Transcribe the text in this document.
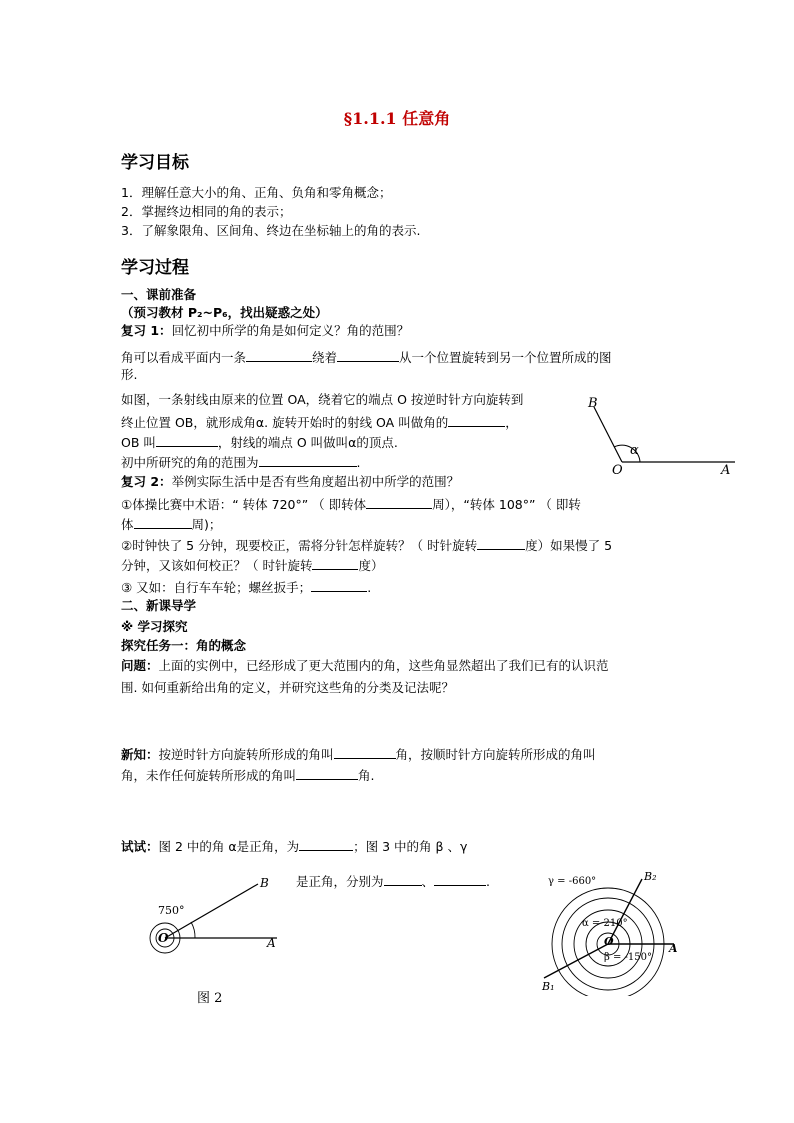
§1.1.1 任意角
学习目标
1．理解任意大小的角、正角、负角和零角概念；
2．掌握终边相同的角的表示；
3．了解象限角、区间角、终边在坐标轴上的角的表示.
学习过程
一、课前准备
（预习教材 P₂~P₆，找出疑惑之处）
复习 1：回忆初中所学的角是如何定义？角的范围？
角可以看成平面内一条	绕着	从一个位置旋转到另一个位置所成的图
形.
如图，一条射线由原来的位置 OA，绕着它的端点 O 按逆时针方向旋转到
终止位置 OB，就形成角α. 旋转开始时的射线 OA 叫做角的	，
OB 叫	，射线的端点 O 叫做叫α的顶点.
初中所研究的角的范围为	.
B
O	A
α
复习 2：举例实际生活中是否有些角度超出初中所学的范围？
①体操比赛中术语：“ 转体 720°” （ 即转体	周），“转体 108°” （ 即转
体	周)；
②时钟快了 5 分钟，现要校正，需将分针怎样旋转？（ 时针旋转	度）如果慢了 5
分钟，又该如何校正？（ 时针旋转	度）
③ 又如：自行车车轮；螺丝扳手；	.
二、新课导学
※ 学习探究
探究任务一：角的概念
问题：上面的实例中，已经形成了更大范围内的角，这些角显然超出了我们已有的认识范
围. 如何重新给出角的定义，并研究这些角的分类及记法呢？
新知：按逆时针方向旋转所形成的角叫	角，按顺时针方向旋转所形成的角叫
角，未作任何旋转所形成的角叫	角.
试试：图 2 中的角 α是正角，为	；图 3 中的角 β 、γ
是正角，分别为	、	.
750°
B
O	A
图 2
γ = -660°
α = 210°
β = -150°
B₂
B₁
O
A
